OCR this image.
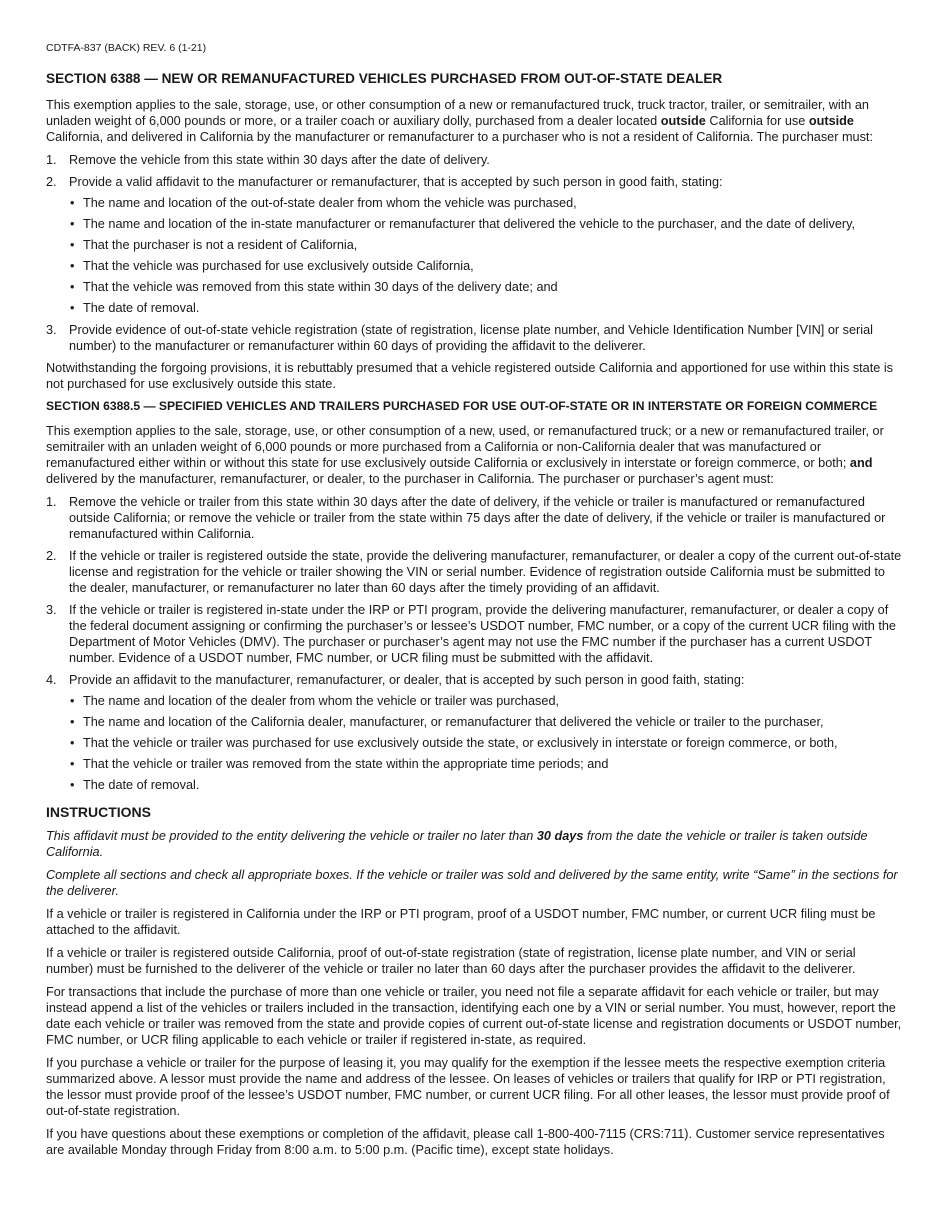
CDTFA-837 (BACK) REV. 6 (1-21)
SECTION 6388 — NEW OR REMANUFACTURED VEHICLES PURCHASED FROM OUT-OF-STATE DEALER

This exemption applies to the sale, storage, use, or other consumption of a new or remanufactured truck, truck tractor, trailer, or semitrailer, with an unladen weight of 6,000 pounds or more, or a trailer coach or auxiliary dolly, purchased from a dealer located outside California for use outside California, and delivered in California by the manufacturer or remanufacturer to a purchaser who is not a resident of California. The purchaser must:

1. Remove the vehicle from this state within 30 days after the date of delivery.
2. Provide a valid affidavit to the manufacturer or remanufacturer, that is accepted by such person in good faith, stating:
• The name and location of the out-of-state dealer from whom the vehicle was purchased,
• The name and location of the in-state manufacturer or remanufacturer that delivered the vehicle to the purchaser, and the date of delivery,
• That the purchaser is not a resident of California,
• That the vehicle was purchased for use exclusively outside California,
• That the vehicle was removed from this state within 30 days of the delivery date; and
• The date of removal.
3. Provide evidence of out-of-state vehicle registration (state of registration, license plate number, and Vehicle Identification Number [VIN] or serial number) to the manufacturer or remanufacturer within 60 days of providing the affidavit to the deliverer.

Notwithstanding the forgoing provisions, it is rebuttably presumed that a vehicle registered outside California and apportioned for use within this state is not purchased for use exclusively outside this state.

SECTION 6388.5 — SPECIFIED VEHICLES AND TRAILERS PURCHASED FOR USE OUT-OF-STATE OR IN INTERSTATE OR FOREIGN COMMERCE

This exemption applies to the sale, storage, use, or other consumption of a new, used, or remanufactured truck; or a new or remanufactured trailer, or semitrailer with an unladen weight of 6,000 pounds or more purchased from a California or non-California dealer that was manufactured or remanufactured either within or without this state for use exclusively outside California or exclusively in interstate or foreign commerce, or both; and delivered by the manufacturer, remanufacturer, or dealer, to the purchaser in California. The purchaser or purchaser’s agent must:

1. Remove the vehicle or trailer from this state within 30 days after the date of delivery, if the vehicle or trailer is manufactured or remanufactured outside California; or remove the vehicle or trailer from the state within 75 days after the date of delivery, if the vehicle or trailer is manufactured or remanufactured within California.
2. If the vehicle or trailer is registered outside the state, provide the delivering manufacturer, remanufacturer, or dealer a copy of the current out-of-state license and registration for the vehicle or trailer showing the VIN or serial number. Evidence of registration outside California must be submitted to the dealer, manufacturer, or remanufacturer no later than 60 days after the timely providing of an affidavit.
3. If the vehicle or trailer is registered in-state under the IRP or PTI program, provide the delivering manufacturer, remanufacturer, or dealer a copy of the federal document assigning or confirming the purchaser’s or lessee’s USDOT number, FMC number, or a copy of the current UCR filing with the Department of Motor Vehicles (DMV). The purchaser or purchaser’s agent may not use the FMC number if the purchaser has a current USDOT number. Evidence of a USDOT number, FMC number, or UCR filing must be submitted with the affidavit.
4. Provide an affidavit to the manufacturer, remanufacturer, or dealer, that is accepted by such person in good faith, stating:
• The name and location of the dealer from whom the vehicle or trailer was purchased,
• The name and location of the California dealer, manufacturer, or remanufacturer that delivered the vehicle or trailer to the purchaser,
• That the vehicle or trailer was purchased for use exclusively outside the state, or exclusively in interstate or foreign commerce, or both,
• That the vehicle or trailer was removed from the state within the appropriate time periods; and
• The date of removal.
INSTRUCTIONS

This affidavit must be provided to the entity delivering the vehicle or trailer no later than 30 days from the date the vehicle or trailer is taken outside California.

Complete all sections and check all appropriate boxes. If the vehicle or trailer was sold and delivered by the same entity, write “Same” in the sections for the deliverer.

If a vehicle or trailer is registered in California under the IRP or PTI program, proof of a USDOT number, FMC number, or current UCR filing must be attached to the affidavit.

If a vehicle or trailer is registered outside California, proof of out-of-state registration (state of registration, license plate number, and VIN or serial number) must be furnished to the deliverer of the vehicle or trailer no later than 60 days after the purchaser provides the affidavit to the deliverer.

For transactions that include the purchase of more than one vehicle or trailer, you need not file a separate affidavit for each vehicle or trailer, but may instead append a list of the vehicles or trailers included in the transaction, identifying each one by a VIN or serial number. You must, however, report the date each vehicle or trailer was removed from the state and provide copies of current out-of-state license and registration documents or USDOT number, FMC number, or UCR filing applicable to each vehicle or trailer if registered in-state, as required.

If you purchase a vehicle or trailer for the purpose of leasing it, you may qualify for the exemption if the lessee meets the respective exemption criteria summarized above. A lessor must provide the name and address of the lessee. On leases of vehicles or trailers that qualify for IRP or PTI registration, the lessor must provide proof of the lessee’s USDOT number, FMC number, or current UCR filing. For all other leases, the lessor must provide proof of out-of-state registration.

If you have questions about these exemptions or completion of the affidavit, please call 1-800-400-7115 (CRS:711). Customer service representatives are available Monday through Friday from 8:00 a.m. to 5:00 p.m. (Pacific time), except state holidays.
